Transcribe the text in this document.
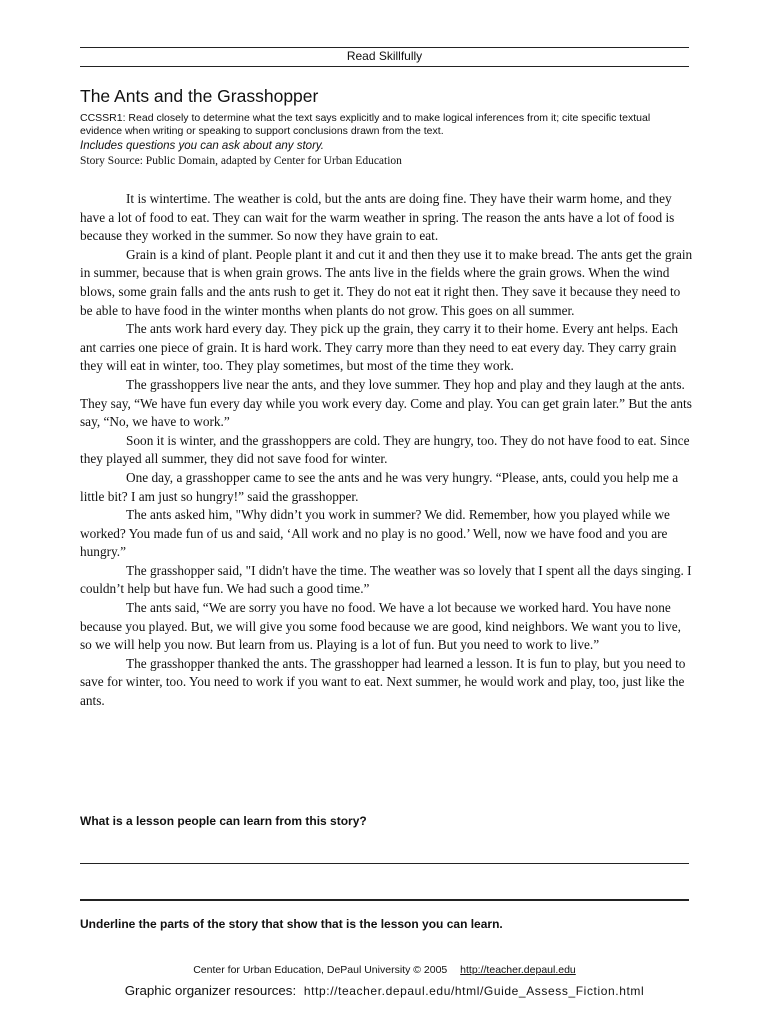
Read Skillfully
The Ants and the Grasshopper
CCSSR1: Read closely to determine what the text says explicitly and to make logical inferences from it; cite specific textual evidence when writing or speaking to support conclusions drawn from the text.
Includes questions you can ask about any story.
Story Source: Public Domain, adapted by Center for Urban Education

It is wintertime. The weather is cold, but the ants are doing fine. They have their warm home, and they have a lot of food to eat. They can wait for the warm weather in spring. The reason the ants have a lot of food is because they worked in the summer. So now they have grain to eat.

Grain is a kind of plant. People plant it and cut it and then they use it to make bread. The ants get the grain in summer, because that is when grain grows. The ants live in the fields where the grain grows. When the wind blows, some grain falls and the ants rush to get it. They do not eat it right then. They save it because they need to be able to have food in the winter months when plants do not grow. This goes on all summer.

The ants work hard every day. They pick up the grain, they carry it to their home. Every ant helps. Each ant carries one piece of grain. It is hard work. They carry more than they need to eat every day. They carry grain they will eat in winter, too. They play sometimes, but most of the time they work.

The grasshoppers live near the ants, and they love summer. They hop and play and they laugh at the ants. They say, “We have fun every day while you work every day. Come and play. You can get grain later.” But the ants say, “No, we have to work.”

Soon it is winter, and the grasshoppers are cold. They are hungry, too. They do not have food to eat. Since they played all summer, they did not save food for winter.

One day, a grasshopper came to see the ants and he was very hungry. “Please, ants, could you help me a little bit? I am just so hungry!” said the grasshopper.

The ants asked him, "Why didn’t you work in summer? We did. Remember, how you played while we worked? You made fun of us and said, ‘All work and no play is no good.’ Well, now we have food and you are hungry.”

The grasshopper said, "I didn't have the time. The weather was so lovely that I spent all the days singing. I couldn’t help but have fun. We had such a good time.”

The ants said, “We are sorry you have no food. We have a lot because we worked hard. You have none because you played. But, we will give you some food because we are good, kind neighbors. We want you to live, so we will help you now. But learn from us. Playing is a lot of fun. But you need to work to live.”

The grasshopper thanked the ants. The grasshopper had learned a lesson. It is fun to play, but you need to save for winter, too. You need to work if you want to eat. Next summer, he would work and play, too, just like the ants.

What is a lesson people can learn from this story?
Underline the parts of the story that show that is the lesson you can learn.
Center for Urban Education, DePaul University © 2005 http://teacher.depaul.edu
Graphic organizer resources: http://teacher.depaul.edu/html/Guide_Assess_Fiction.html
